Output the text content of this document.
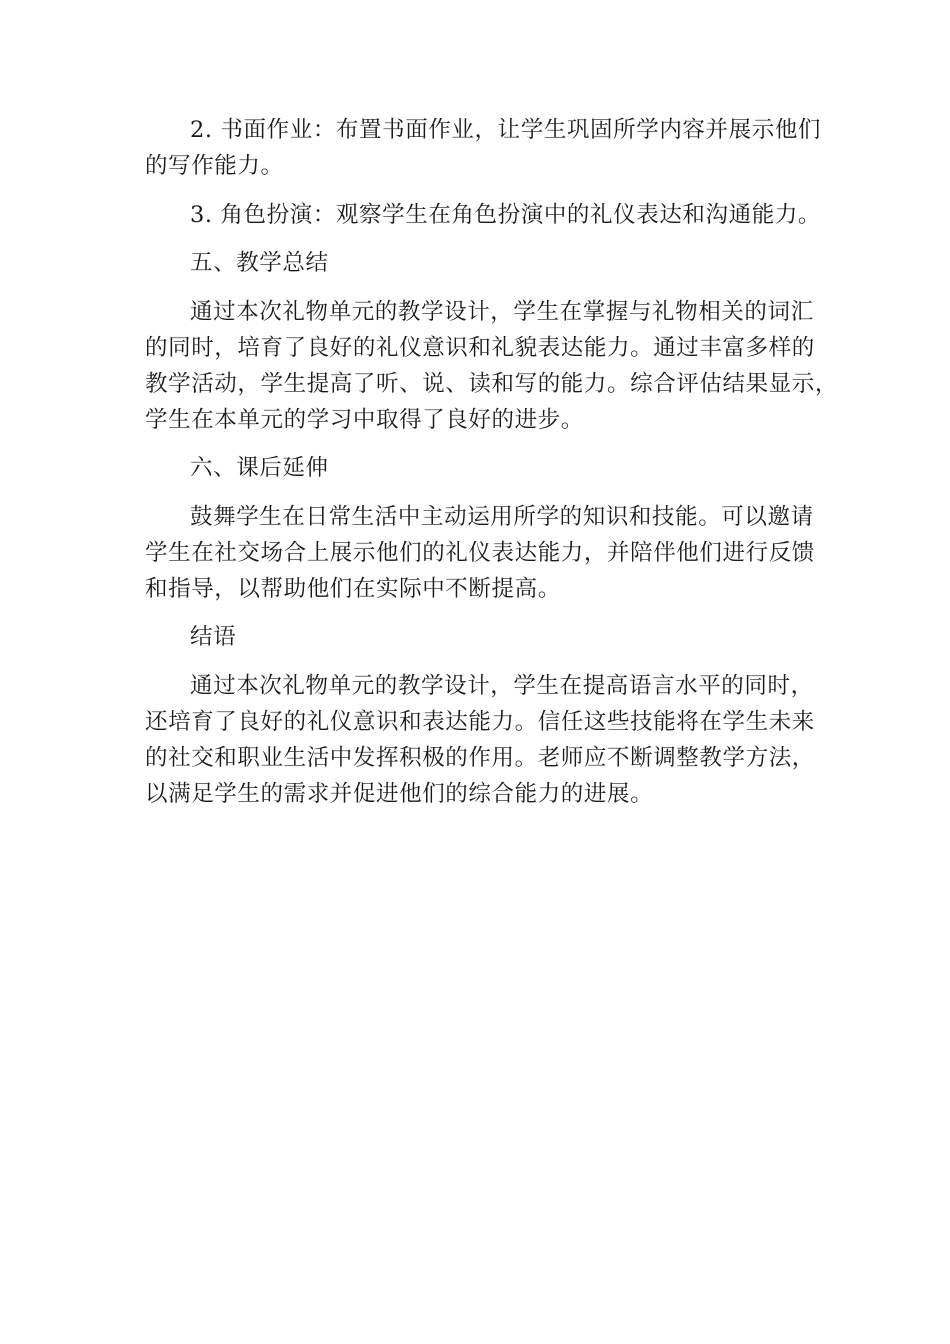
2. 书面作业：布置书面作业，让学生巩固所学内容并展示他们
的写作能力。
3. 角色扮演：观察学生在角色扮演中的礼仪表达和沟通能力。
五、教学总结
通过本次礼物单元的教学设计，学生在掌握与礼物相关的词汇
的同时，培育了良好的礼仪意识和礼貌表达能力。通过丰富多样的
教学活动，学生提高了听、说、读和写的能力。综合评估结果显示，
学生在本单元的学习中取得了良好的进步。
六、课后延伸
鼓舞学生在日常生活中主动运用所学的知识和技能。可以邀请
学生在社交场合上展示他们的礼仪表达能力，并陪伴他们进行反馈
和指导，以帮助他们在实际中不断提高。
结语
通过本次礼物单元的教学设计，学生在提高语言水平的同时，
还培育了良好的礼仪意识和表达能力。信任这些技能将在学生未来
的社交和职业生活中发挥积极的作用。老师应不断调整教学方法，
以满足学生的需求并促进他们的综合能力的进展。
